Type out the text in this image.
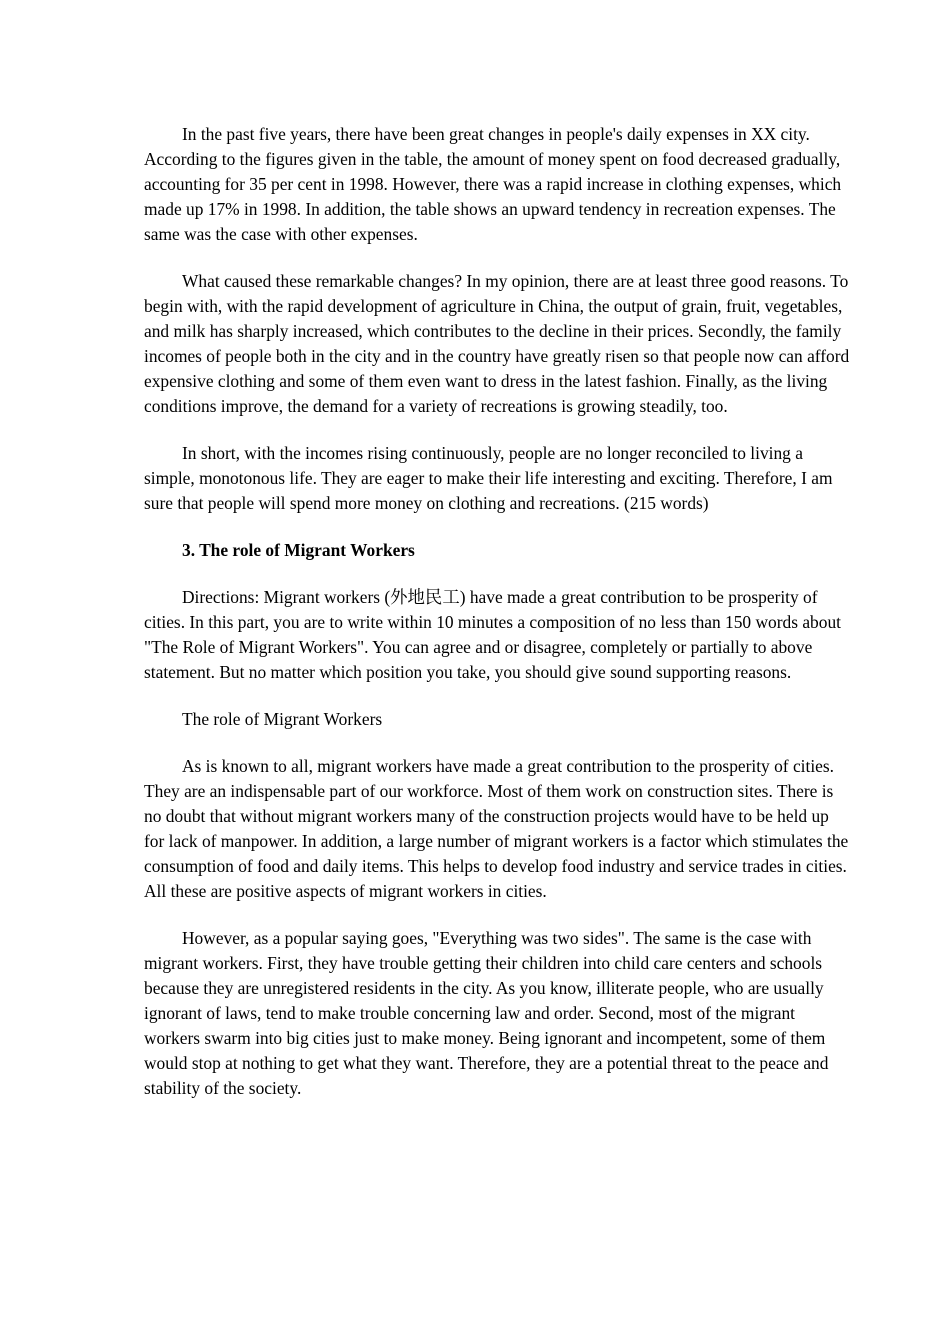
In the past five years, there have been great changes in people's daily expenses in XX city. According to the figures given in the table, the amount of money spent on food decreased gradually, accounting for 35 per cent in 1998. However, there was a rapid increase in clothing expenses, which made up 17% in 1998. In addition, the table shows an upward tendency in recreation expenses. The same was the case with other expenses.

What caused these remarkable changes? In my opinion, there are at least three good reasons. To begin with, with the rapid development of agriculture in China, the output of grain, fruit, vegetables, and milk has sharply increased, which contributes to the decline in their prices. Secondly, the family incomes of people both in the city and in the country have greatly risen so that people now can afford expensive clothing and some of them even want to dress in the latest fashion. Finally, as the living conditions improve, the demand for a variety of recreations is growing steadily, too.

In short, with the incomes rising continuously, people are no longer reconciled to living a simple, monotonous life. They are eager to make their life interesting and exciting. Therefore, I am sure that people will spend more money on clothing and recreations. (215 words)

3. The role of Migrant Workers

Directions: Migrant workers (外地民工) have made a great contribution to be prosperity of cities. In this part, you are to write within 10 minutes a composition of no less than 150 words about "The Role of Migrant Workers". You can agree and or disagree, completely or partially to above statement. But no matter which position you take, you should give sound supporting reasons.

The role of Migrant Workers

As is known to all, migrant workers have made a great contribution to the prosperity of cities. They are an indispensable part of our workforce. Most of them work on construction sites. There is no doubt that without migrant workers many of the construction projects would have to be held up for lack of manpower. In addition, a large number of migrant workers is a factor which stimulates the consumption of food and daily items. This helps to develop food industry and service trades in cities. All these are positive aspects of migrant workers in cities.

However, as a popular saying goes, "Everything was two sides". The same is the case with migrant workers. First, they have trouble getting their children into child care centers and schools because they are unregistered residents in the city. As you know, illiterate people, who are usually ignorant of laws, tend to make trouble concerning law and order. Second, most of the migrant workers swarm into big cities just to make money. Being ignorant and incompetent, some of them would stop at nothing to get what they want. Therefore, they are a potential threat to the peace and stability of the society.
